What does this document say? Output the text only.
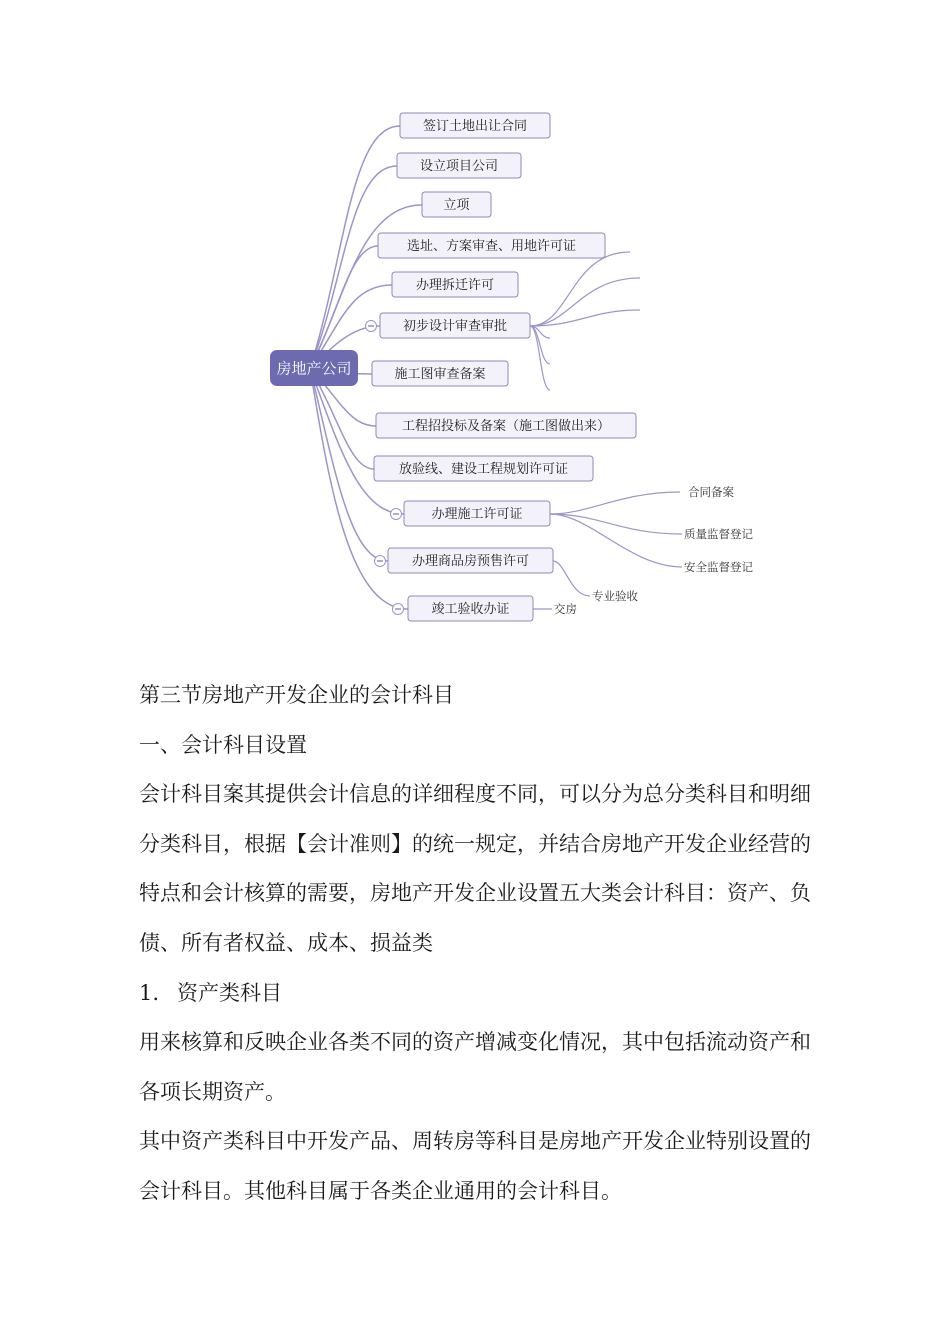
签订土地出让合同
设立项目公司
立项
选址、方案审查、用地许可证
办理拆迁许可
初步设计审查审批
施工图审查备案
工程招投标及备案（施工图做出来）
放验线、建设工程规划许可证
办理施工许可证
办理商品房预售许可
竣工验收办证
房地产公司
合同备案
质量监督登记
安全监督登记
专业验收
交房

第三节房地产开发企业的会计科目

一、会计科目设置

会计科目案其提供会计信息的详细程度不同，可以分为总分类科目和明细分类科目，根据【会计准则】的统一规定，并结合房地产开发企业经营的特点和会计核算的需要，房地产开发企业设置五大类会计科目：资产、负债、所有者权益、成本、损益类

1. 资产类科目

用来核算和反映企业各类不同的资产增减变化情况，其中包括流动资产和各项长期资产。

其中资产类科目中开发产品、周转房等科目是房地产开发企业特别设置的会计科目。其他科目属于各类企业通用的会计科目。
